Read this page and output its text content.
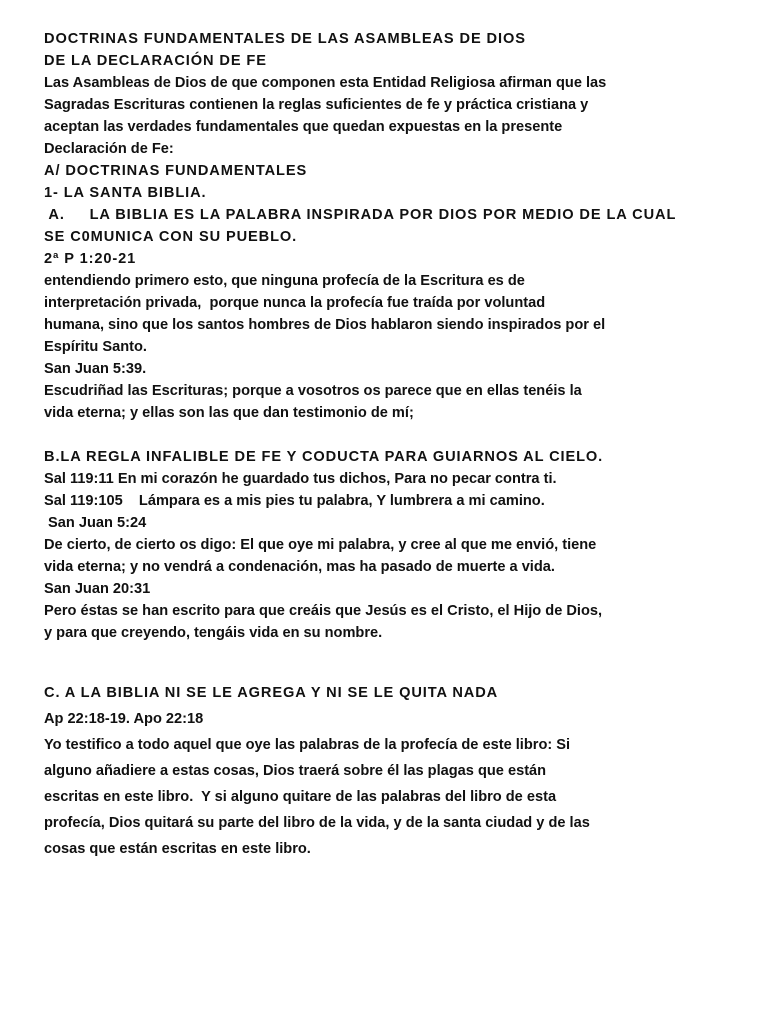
DOCTRINAS FUNDAMENTALES DE LAS ASAMBLEAS DE DIOS
DE LA DECLARACIÓN DE FE
Las Asambleas de Dios de que componen esta Entidad Religiosa afirman que las
Sagradas Escrituras contienen la reglas suficientes de fe y práctica cristiana y
aceptan las verdades fundamentales que quedan expuestas en la presente
Declaración de Fe:
A/ DOCTRINAS FUNDAMENTALES
1- LA SANTA BIBLIA.
A.     LA BIBLIA ES LA PALABRA INSPIRADA POR DIOS POR MEDIO DE LA CUAL
SE C0MUNICA CON SU PUEBLO.
2ª P 1:20-21
entendiendo primero esto, que ninguna profecía de la Escritura es de
interpretación privada,  porque nunca la profecía fue traída por voluntad
humana, sino que los santos hombres de Dios hablaron siendo inspirados por el
Espíritu Santo.
San Juan 5:39.
Escudriñad las Escrituras; porque a vosotros os parece que en ellas tenéis la
vida eterna; y ellas son las que dan testimonio de mí;
B.LA REGLA INFALIBLE DE FE Y CODUCTA PARA GUIARNOS AL CIELO.
Sal 119:11 En mi corazón he guardado tus dichos, Para no pecar contra ti.
Sal 119:105    Lámpara es a mis pies tu palabra, Y lumbrera a mi camino.
San Juan 5:24
De cierto, de cierto os digo: El que oye mi palabra, y cree al que me envió, tiene
vida eterna; y no vendrá a condenación, mas ha pasado de muerte a vida.
San Juan 20:31
Pero éstas se han escrito para que creáis que Jesús es el Cristo, el Hijo de Dios,
y para que creyendo, tengáis vida en su nombre.
C. A LA BIBLIA NI SE LE AGREGA Y NI SE LE QUITA NADA
Ap 22:18-19. Apo 22:18
Yo testifico a todo aquel que oye las palabras de la profecía de este libro: Si
alguno añadiere a estas cosas, Dios traerá sobre él las plagas que están
escritas en este libro.  Y si alguno quitare de las palabras del libro de esta
profecía, Dios quitará su parte del libro de la vida, y de la santa ciudad y de las
cosas que están escritas en este libro.
